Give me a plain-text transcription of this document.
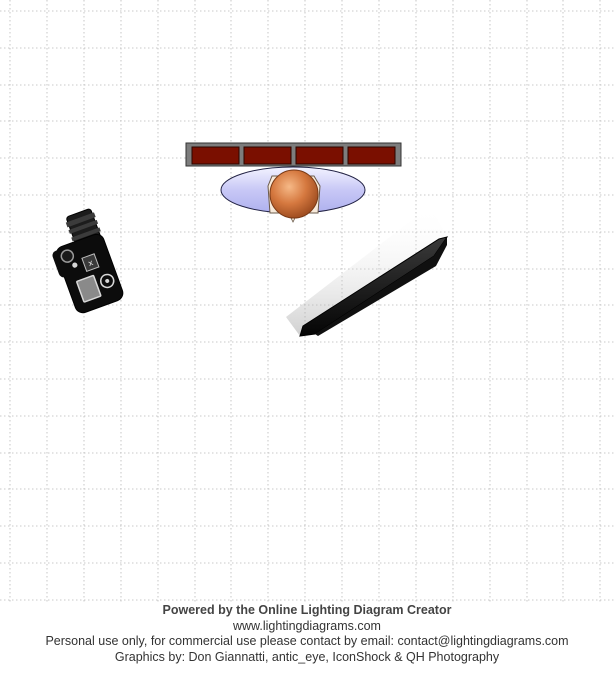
x
Powered by the Online Lighting Diagram Creator
www.lightingdiagrams.com
Personal use only, for commercial use please contact by email: contact@lightingdiagrams.com
Graphics by: Don Giannatti, antic_eye, IconShock & QH Photography
